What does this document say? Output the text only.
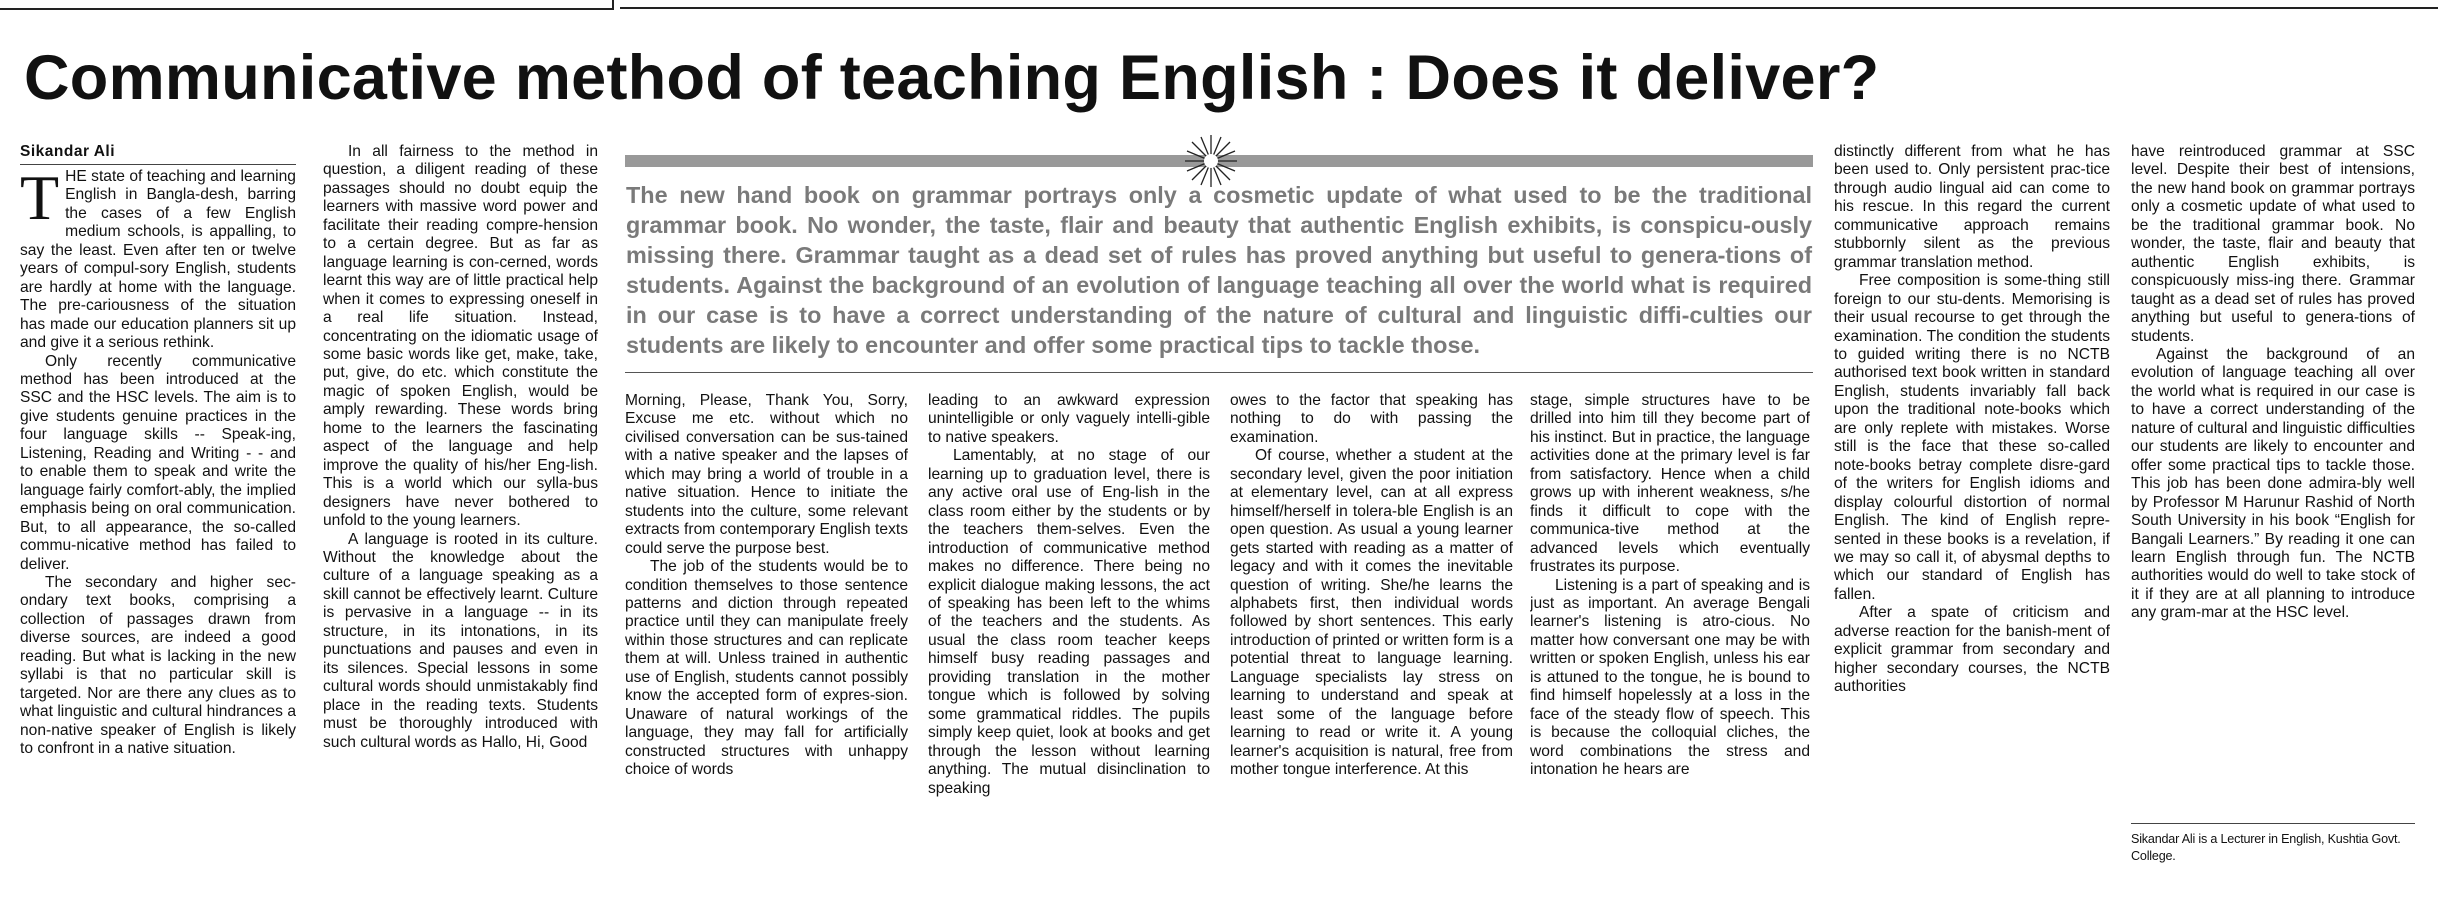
Communicative method of teaching English : Does it deliver?
Sikandar Ali

The new hand book on grammar portrays only a cosmetic update of what used to be the traditional grammar book. No wonder, the taste, flair and beauty that authentic English exhibits, is conspicu-ously missing there. Grammar taught as a dead set of rules has proved anything but useful to genera-tions of students. Against the background of an evolution of language teaching all over the world what is required in our case is to have a correct understanding of the nature of cultural and linguistic diffi-culties our students are likely to encounter and offer some practical tips to tackle those.

THE state of teaching and learning English in Bangla-desh, barring the cases of a few English medium schools, is appalling, to say the least. Even after ten or twelve years of compul-sory English, students are hardly at home with the language. The pre-cariousness of the situation has made our education planners sit up and give it a serious rethink.

Only recently communicative method has been introduced at the SSC and the HSC levels. The aim is to give students genuine practices in the four language skills -- Speak-ing, Listening, Reading and Writing - - and to enable them to speak and write the language fairly comfort-ably, the implied emphasis being on oral communication. But, to all appearance, the so-called commu-nicative method has failed to deliver.

The secondary and higher sec-ondary text books, comprising a collection of passages drawn from diverse sources, are indeed a good reading. But what is lacking in the new syllabi is that no particular skill is targeted. Nor are there any clues as to what linguistic and cultural hindrances a non-native speaker of English is likely to confront in a native situation.

In all fairness to the method in question, a diligent reading of these passages should no doubt equip the learners with massive word power and facilitate their reading compre-hension to a certain degree. But as far as language learning is con-cerned, words learnt this way are of little practical help when it comes to expressing oneself in a real life situation. Instead, concentrating on the idiomatic usage of some basic words like get, make, take, put, give, do etc. which constitute the magic of spoken English, would be amply rewarding. These words bring home to the learners the fascinating aspect of the language and help improve the quality of his/her Eng-lish. This is a world which our sylla-bus designers have never bothered to unfold to the young learners.

A language is rooted in its culture. Without the knowledge about the culture of a language speaking as a skill cannot be effectively learnt. Culture is pervasive in a language -- in its structure, in its intonations, in its punctuations and pauses and even in its silences. Special lessons in some cultural words should unmistakably find place in the reading texts. Students must be thoroughly introduced with such cultural words as Hallo, Hi, Good

Morning, Please, Thank You, Sorry, Excuse me etc. without which no civilised conversation can be sus-tained with a native speaker and the lapses of which may bring a world of trouble in a native situation. Hence to initiate the students into the culture, some relevant extracts from contemporary English texts could serve the purpose best.

The job of the students would be to condition themselves to those sentence patterns and diction through repeated practice until they can manipulate freely within those structures and can replicate them at will. Unless trained in authentic use of English, students cannot possibly know the accepted form of expres-sion. Unaware of natural workings of the language, they may fall for artificially constructed structures with unhappy choice of words

leading to an awkward expression unintelligible or only vaguely intelli-gible to native speakers.

Lamentably, at no stage of our learning up to graduation level, there is any active oral use of Eng-lish in the class room either by the students or by the teachers them-selves. Even the introduction of communicative method makes no difference. There being no explicit dialogue making lessons, the act of speaking has been left to the whims of the teachers and the students. As usual the class room teacher keeps himself busy reading passages and providing translation in the mother tongue which is followed by solving some grammatical riddles. The pupils simply keep quiet, look at books and get through the lesson without learning anything. The mutual disinclination to speaking

owes to the factor that speaking has nothing to do with passing the examination.

Of course, whether a student at the secondary level, given the poor initiation at elementary level, can at all express himself/herself in tolera-ble English is an open question. As usual a young learner gets started with reading as a matter of legacy and with it comes the inevitable question of writing. She/he learns the alphabets first, then individual words followed by short sentences. This early introduction of printed or written form is a potential threat to language learning. Language specialists lay stress on learning to understand and speak at least some of the language before learning to read or write it. A young learner's acquisition is natural, free from mother tongue interference. At this

stage, simple structures have to be drilled into him till they become part of his instinct. But in practice, the language activities done at the primary level is far from satisfactory. Hence when a child grows up with inherent weakness, s/he finds it difficult to cope with the communica-tive method at the advanced levels which eventually frustrates its purpose.

Listening is a part of speaking and is just as important. An average Bengali learner's listening is atro-cious. No matter how conversant one may be with written or spoken English, unless his ear is attuned to the tongue, he is bound to find himself hopelessly at a loss in the face of the steady flow of speech. This is because the colloquial cliches, the word combinations the stress and intonation he hears are

distinctly different from what he has been used to. Only persistent prac-tice through audio lingual aid can come to his rescue. In this regard the current communicative approach remains stubbornly silent as the previous grammar translation method.

Free composition is some-thing still foreign to our stu-dents. Memorising is their usual recourse to get through the examination. The condition the students to guided writing there is no NCTB authorised text book written in standard English, students invariably fall back upon the traditional note-books which are only replete with mistakes. Worse still is the face that these so-called note-books betray complete disre-gard of the writers for English idioms and display colourful distortion of normal English. The kind of English repre-sented in these books is a revelation, if we may so call it, of abysmal depths to which our standard of English has fallen.

After a spate of criticism and adverse reaction for the banish-ment of explicit grammar from secondary and higher secondary courses, the NCTB authorities

have reintroduced grammar at SSC level. Despite their best of intensions, the new hand book on grammar portrays only a cosmetic update of what used to be the traditional grammar book. No wonder, the taste, flair and beauty that authentic English exhibits, is conspicuously miss-ing there. Grammar taught as a dead set of rules has proved anything but useful to genera-tions of students.

Against the background of an evolution of language teaching all over the world what is required in our case is to have a correct understanding of the nature of cultural and linguistic difficulties our students are likely to encounter and offer some practical tips to tackle those. This job has been done admira-bly well by Professor M Harunur Rashid of North South University in his book “English for Bangali Learners.” By reading it one can learn English through fun. The NCTB authorities would do well to take stock of it if they are at all planning to introduce any gram-mar at the HSC level.

Sikandar Ali is a Lecturer in English, Kushtia Govt. College.
